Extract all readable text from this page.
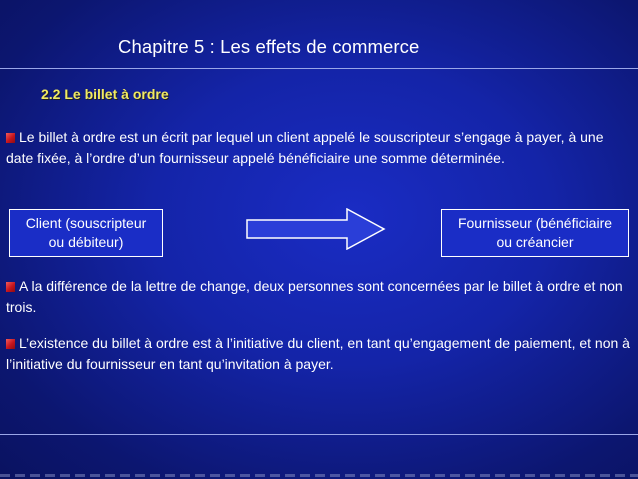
Chapitre 5 : Les effets de commerce
2.2 Le billet à ordre
Le billet à ordre est un écrit par lequel un client appelé le souscripteur s’engage à payer, à une date fixée, à l’ordre d’un fournisseur appelé bénéficiaire une somme déterminée.
Client (souscripteur
ou débiteur)
Fournisseur (bénéficiaire
ou créancier
A la différence de la lettre de change, deux personnes sont concernées par le billet à ordre et non trois.
L’existence du billet à ordre est à l’initiative du client, en tant qu’engagement de paiement, et non à l’initiative du fournisseur en tant qu’invitation à payer.
